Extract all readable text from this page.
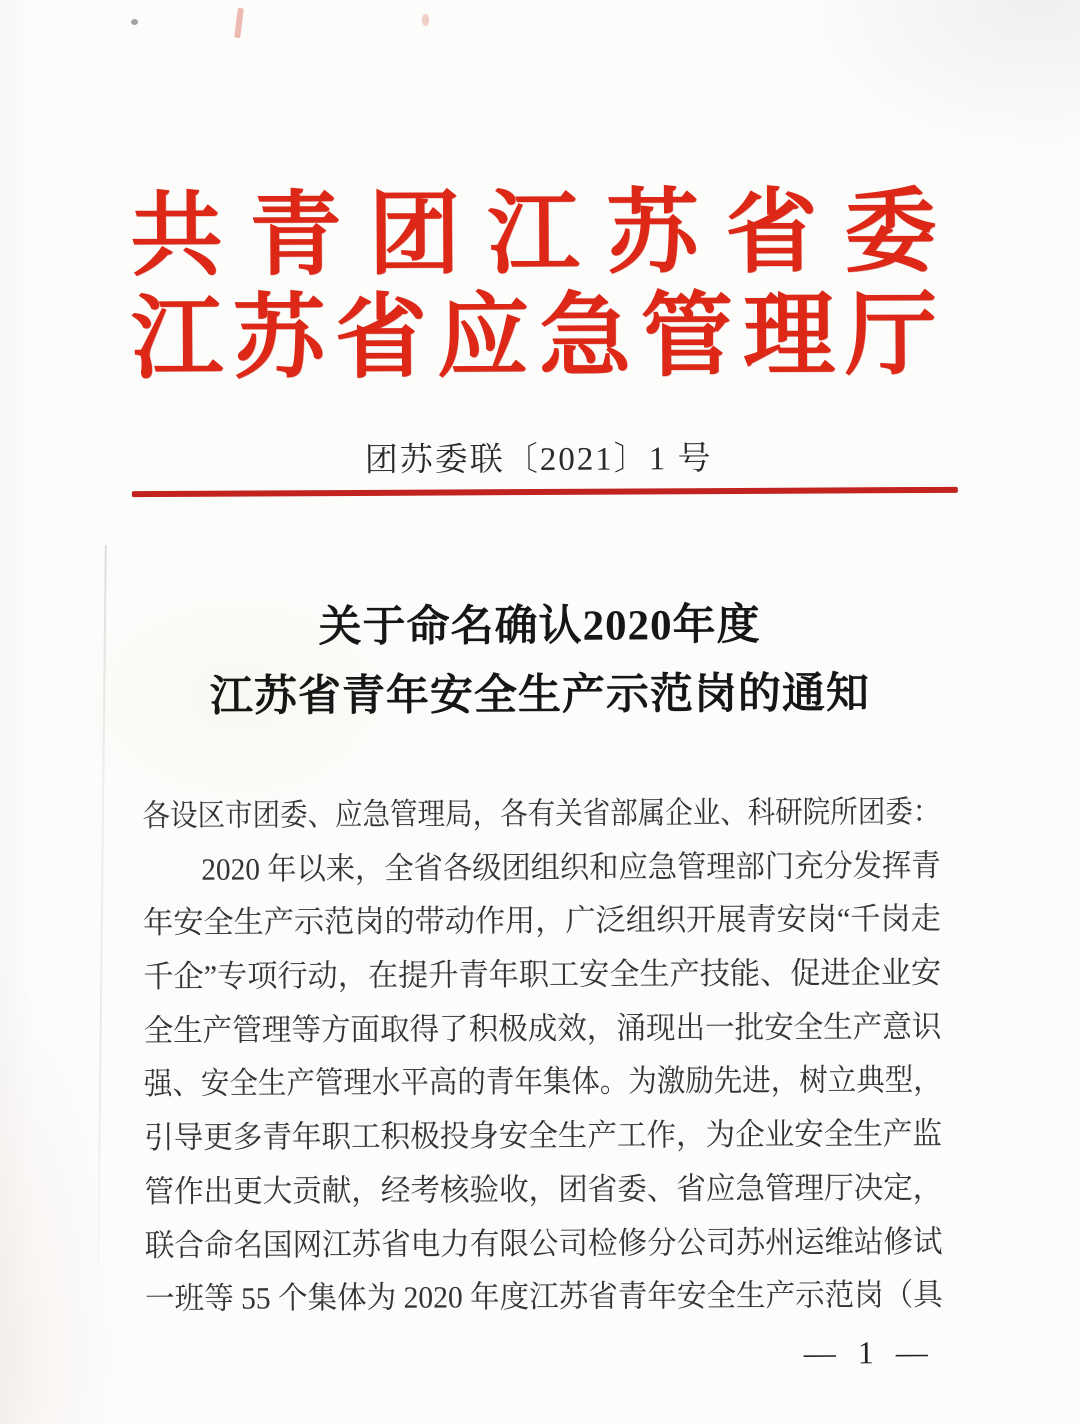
共 青 团 江 苏 省 委
江 苏 省 应 急 管 理 厅
团苏委联〔2021〕1 号
关于命名确认2020年度
江苏省青年安全生产示范岗的通知
各设区市团委、应急管理局，各有关省部属企业、科研院所团委：
　　2020 年以来，全省各级团组织和应急管理部门充分发挥青
年安全生产示范岗的带动作用，广泛组织开展青安岗“千岗走
千企”专项行动，在提升青年职工安全生产技能、促进企业安
全生产管理等方面取得了积极成效，涌现出一批安全生产意识
强、安全生产管理水平高的青年集体。为激励先进，树立典型，
引导更多青年职工积极投身安全生产工作，为企业安全生产监
管作出更大贡献，经考核验收，团省委、省应急管理厅决定，
联合命名国网江苏省电力有限公司检修分公司苏州运维站修试
一班等 55 个集体为 2020 年度江苏省青年安全生产示范岗（具
— 1 —
